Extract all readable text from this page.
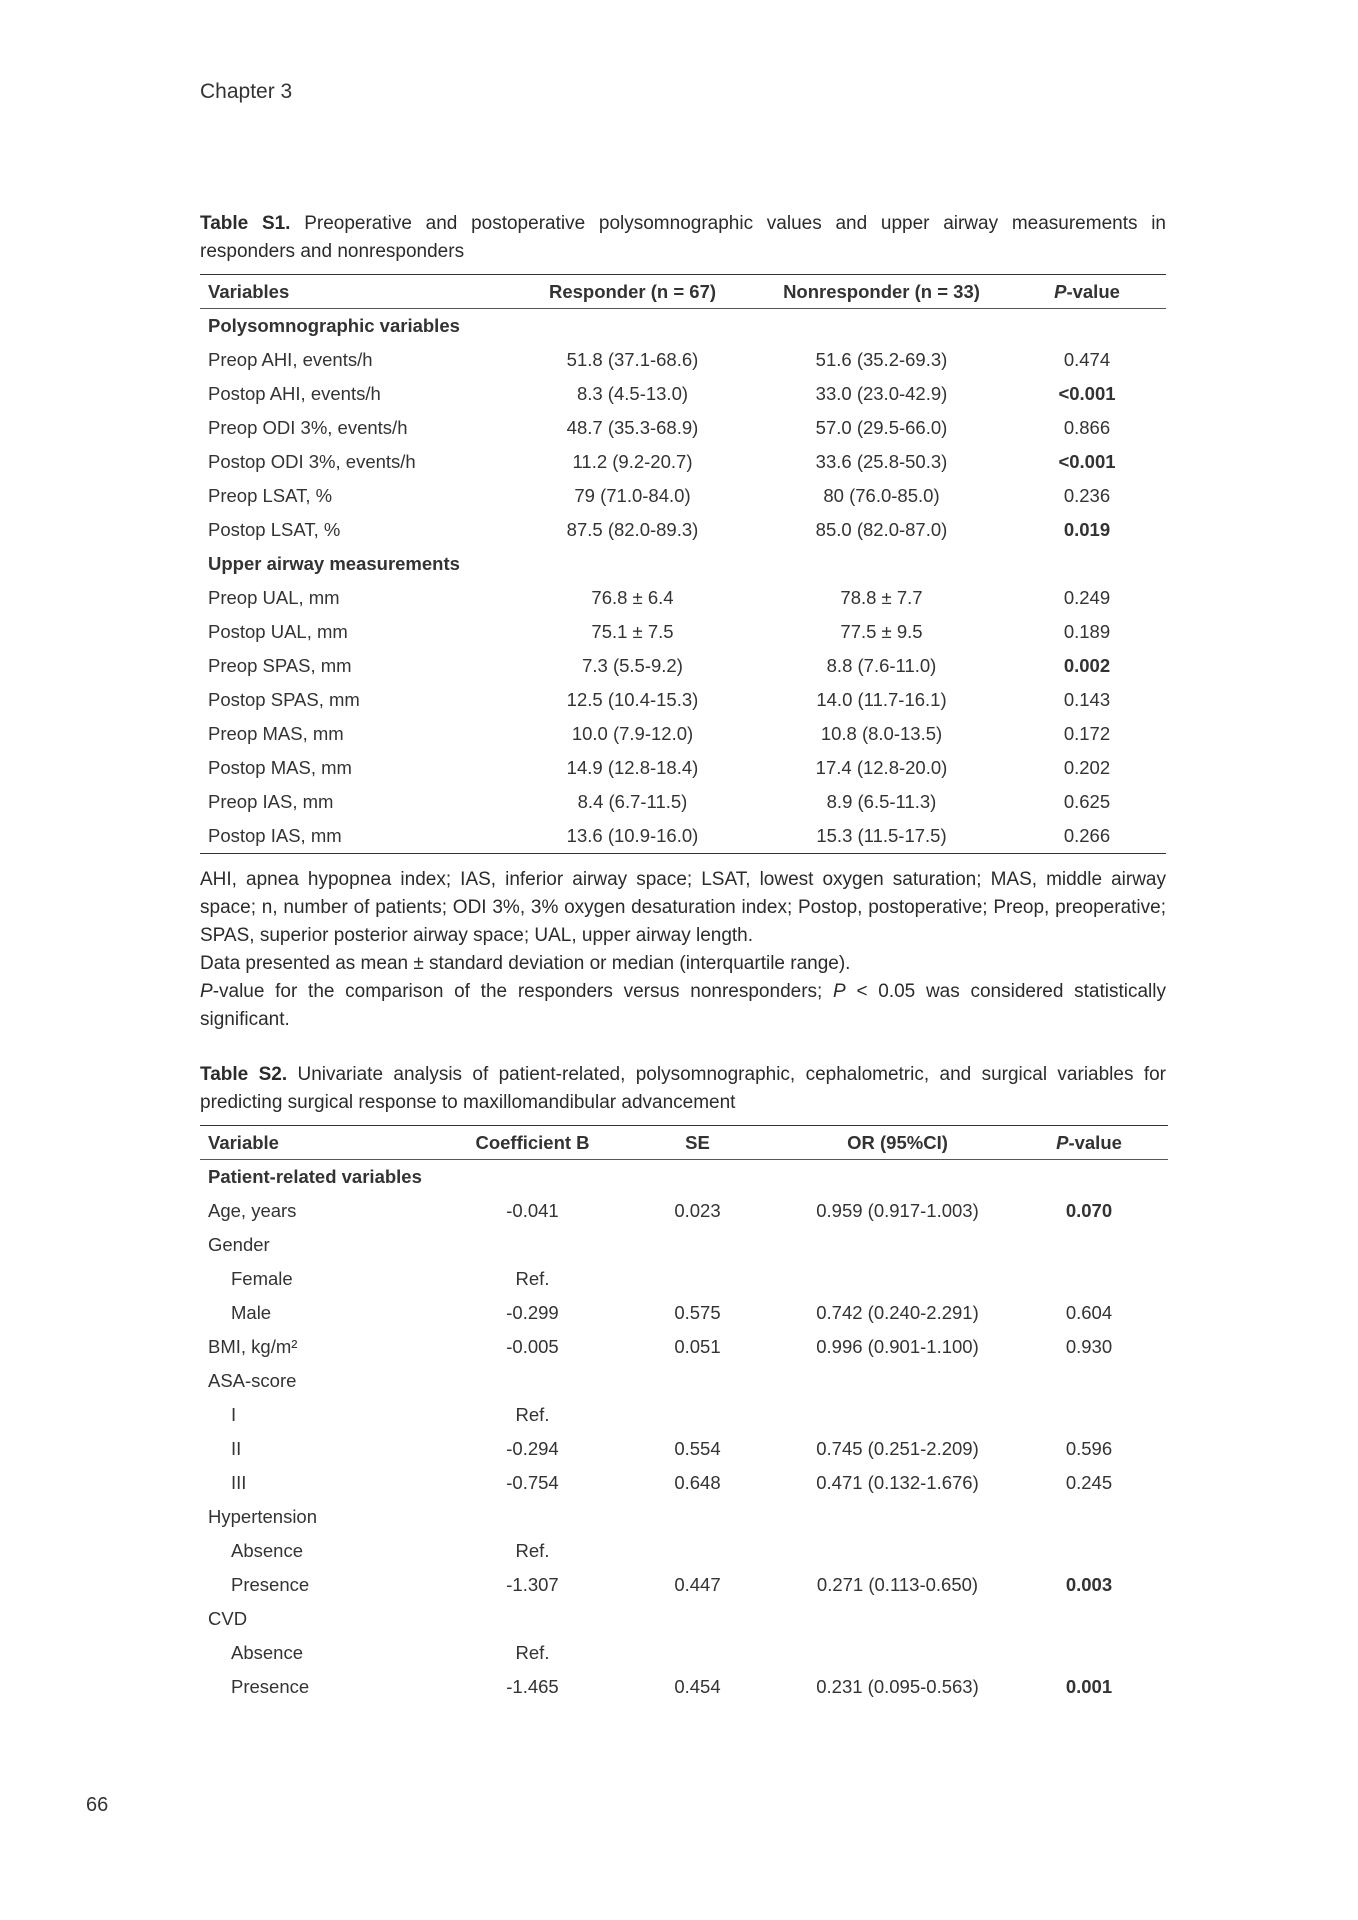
Chapter 3
Table S1. Preoperative and postoperative polysomnographic values and upper airway measurements in responders and nonresponders
Variables	Responder (n = 67)	Nonresponder (n = 33)	P-value
Polysomnographic variables			
Preop AHI, events/h	51.8 (37.1-68.6)	51.6 (35.2-69.3)	0.474
Postop AHI, events/h	8.3 (4.5-13.0)	33.0 (23.0-42.9)	<0.001
Preop ODI 3%, events/h	48.7 (35.3-68.9)	57.0 (29.5-66.0)	0.866
Postop ODI 3%, events/h	11.2 (9.2-20.7)	33.6 (25.8-50.3)	<0.001
Preop LSAT, %	79 (71.0-84.0)	80 (76.0-85.0)	0.236
Postop LSAT, %	87.5 (82.0-89.3)	85.0 (82.0-87.0)	0.019
Upper airway measurements			
Preop UAL, mm	76.8 ± 6.4	78.8 ± 7.7	0.249
Postop UAL, mm	75.1 ± 7.5	77.5 ± 9.5	0.189
Preop SPAS, mm	7.3 (5.5-9.2)	8.8 (7.6-11.0)	0.002
Postop SPAS, mm	12.5 (10.4-15.3)	14.0 (11.7-16.1)	0.143
Preop MAS, mm	10.0 (7.9-12.0)	10.8 (8.0-13.5)	0.172
Postop MAS, mm	14.9 (12.8-18.4)	17.4 (12.8-20.0)	0.202
Preop IAS, mm	8.4 (6.7-11.5)	8.9 (6.5-11.3)	0.625
Postop IAS, mm	13.6 (10.9-16.0)	15.3 (11.5-17.5)	0.266

AHI, apnea hypopnea index; IAS, inferior airway space; LSAT, lowest oxygen saturation; MAS, middle airway space; n, number of patients; ODI 3%, 3% oxygen desaturation index; Postop, postoperative; Preop, preoperative; SPAS, superior posterior airway space; UAL, upper airway length.

Data presented as mean ± standard deviation or median (interquartile range).

P-value for the comparison of the responders versus nonresponders; P < 0.05 was considered statistically significant.

Table S2. Univariate analysis of patient-related, polysomnographic, cephalometric, and surgical variables for predicting surgical response to maxillomandibular advancement
Variable	Coefficient B	SE	OR (95%CI)	P-value
Patient-related variables				
Age, years	-0.041	0.023	0.959 (0.917-1.003)	0.070
Gender				
Female	Ref.			
Male	-0.299	0.575	0.742 (0.240-2.291)	0.604
BMI, kg/m²	-0.005	0.051	0.996 (0.901-1.100)	0.930
ASA-score				
I	Ref.			
II	-0.294	0.554	0.745 (0.251-2.209)	0.596
III	-0.754	0.648	0.471 (0.132-1.676)	0.245
Hypertension				
Absence	Ref.			
Presence	-1.307	0.447	0.271 (0.113-0.650)	0.003
CVD				
Absence	Ref.			
Presence	-1.465	0.454	0.231 (0.095-0.563)	0.001
66
